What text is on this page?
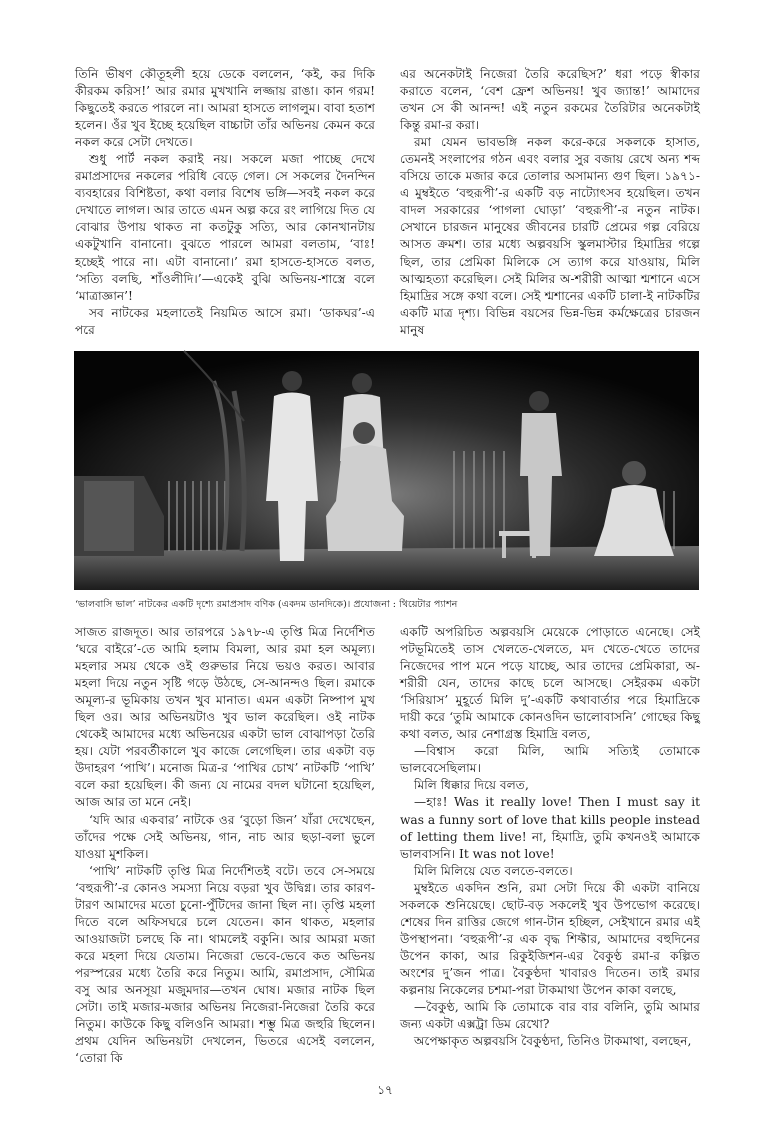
তিনি ভীষণ কৌতূহলী হয়ে ডেকে বললেন, ‘কই, কর দিকি কীরকম করিস!’ আর রমার মুখখানি লজ্জায় রাঙা। কান গরম! কিছুতেই করতে পারলে না। আমরা হাসতে লাগলুম। বাবা হতাশ হলেন। ওঁর খুব ইচ্ছে হয়েছিল বাচ্চাটা তাঁর অভিনয় কেমন করে নকল করে সেটা দেখতে।

শুধু পার্ট নকল করাই নয়। সকলে মজা পাচ্ছে দেখে রমাপ্রসাদের নকলের পরিধি বেড়ে গেল। সে সকলের দৈনন্দিন ব্যবহারের বিশিষ্টতা, কথা বলার বিশেষ ভঙ্গি—সবই নকল করে দেখাতে লাগল। আর তাতে এমন অল্প করে রং লাগিয়ে দিত যে বোঝার উপায় থাকত না কতটুকু সত্যি, আর কোনখানটায় একটুখানি বানানো। বুঝতে পারলে আমরা বলতাম, ‘বাঃ! হচ্ছেই পারে না। এটা বানানো।’ রমা হাসতে-হাসতে বলত, ‘সত্যি বলছি, শাঁওলীদি।’—একেই বুঝি অভিনয়-শাস্ত্রে বলে ‘মাত্রাজ্ঞান’!

সব নাটকের মহলাতেই নিয়মিত আসে রমা। ‘ডাকঘর’-এ পরে

এর অনেকটাই নিজেরা তৈরি করেছিস?’ ধরা পড়ে স্বীকার করাতে বলেন, ‘বেশ ফ্রেশ অভিনয়! খুব জ্যান্ত!’ আমাদের তখন সে কী আনন্দ! এই নতুন রকমের তৈরিটার অনেকটাই কিন্তু রমা-র করা।

রমা যেমন ভাবভঙ্গি নকল করে-করে সকলকে হাসাত, তেমনই সংলাপের গঠন এবং বলার সুর বজায় রেখে অন্য শব্দ বসিয়ে তাকে মজার করে তোলার অসামান্য গুণ ছিল। ১৯৭১-এ মুম্বইতে ‘বহুরূপী’-র একটি বড় নাট্যোৎসব হয়েছিল। তখন বাদল সরকারের ‘পাগলা ঘোড়া’ ‘বহুরূপী’-র নতুন নাটক। সেখানে চারজন মানুষের জীবনের চারটি প্রেমের গল্প বেরিয়ে আসত ক্রমশ। তার মধ্যে অল্পবয়সি স্কুলমাস্টার হিমাদ্রির গল্পে ছিল, তার প্রেমিকা মিলিকে সে ত্যাগ করে যাওয়ায়, মিলি আত্মহত্যা করেছিল। সেই মিলির অ-শরীরী আত্মা শ্মশানে এসে হিমাদ্রির সঙ্গে কথা বলে। সেই শ্মশানের একটি চালা-ই নাটকটির একটি মাত্র দৃশ্য। বিভিন্ন বয়সের ভিন্ন-ভিন্ন কর্মক্ষেত্রের চারজন মানুষ

‘ভালবাসি ভাল’ নাটকের একটি দৃশ্যে রমাপ্রসাদ বণিক (একদম ডানদিকে)। প্রযোজনা : থিয়েটার প্যাশন

সাজত রাজদূত। আর তারপরে ১৯৭৮-এ তৃপ্তি মিত্র নির্দেশিত ‘ঘরে বাইরে’-তে আমি হলাম বিমলা, আর রমা হল অমূল্য। মহলার সময় থেকে ওই গুরুভার নিয়ে ভয়ও করত। আবার মহলা দিয়ে নতুন সৃষ্টি গড়ে উঠছে, সে-আনন্দও ছিল। রমাকে অমূল্য-র ভূমিকায় তখন খুব মানাত। এমন একটা নিষ্পাপ মুখ ছিল ওর। আর অভিনয়টাও খুব ভাল করেছিল। ওই নাটক থেকেই আমাদের মধ্যে অভিনয়ের একটা ভাল বোঝাপড়া তৈরি হয়। যেটা পরবর্তীকালে খুব কাজে লেগেছিল। তার একটা বড় উদাহরণ ‘পাখি’। মনোজ মিত্র-র ‘পাখির চোখ’ নাটকটি ‘পাখি’ বলে করা হয়েছিল। কী জন্য যে নামের বদল ঘটানো হয়েছিল, আজ আর তা মনে নেই।

‘যদি আর একবার’ নাটকে ওর ‘বুড়ো জিন’ যাঁরা দেখেছেন, তাঁদের পক্ষে সেই অভিনয়, গান, নাচ আর ছড়া-বলা ভুলে যাওয়া মুশকিল।

‘পাখি’ নাটকটি তৃপ্তি মিত্র নির্দেশিতই বটে। তবে সে-সময়ে ‘বহুরূপী’-র কোনও সমস্যা নিয়ে বড়রা খুব উদ্বিগ্ন। তার কারণ-টারণ আমাদের মতো চুনো-পুঁটিদের জানা ছিল না। তৃপ্তি মহলা দিতে বলে অফিসঘরে চলে যেতেন। কান থাকত, মহলার আওয়াজটা চলছে কি না। থামলেই বকুনি। আর আমরা মজা করে মহলা দিয়ে যেতাম। নিজেরা ভেবে-ভেবে কত অভিনয় পরস্পরের মধ্যে তৈরি করে নিতুম। আমি, রমাপ্রসাদ, সৌমিত্র বসু আর অনসূয়া মজুমদার—তখন ঘোষ। মজার নাটক ছিল সেটা। তাই মজার-মজার অভিনয় নিজেরা-নিজেরা তৈরি করে নিতুম। কাউকে কিছু বলিওনি আমরা। শম্ভু মিত্র জহুরি ছিলেন। প্রথম যেদিন অভিনয়টা দেখলেন, ভিতরে এসেই বললেন, ‘তোরা কি

একটি অপরিচিত অল্পবয়সি মেয়েকে পোড়াতে এনেছে। সেই পটভূমিতেই তাস খেলতে-খেলতে, মদ খেতে-খেতে তাদের নিজেদের পাপ মনে পড়ে যাচ্ছে, আর তাদের প্রেমিকারা, অ-শরীরী যেন, তাদের কাছে চলে আসছে। সেইরকম একটা ‘সিরিয়াস’ মুহূর্তে মিলি দু’-একটি কথাবার্তার পরে হিমাদ্রিকে দায়ী করে ‘তুমি আমাকে কোনওদিন ভালোবাসনি’ গোছের কিছু কথা বলত, আর নেশাগ্রস্ত হিমাদ্রি বলত,

—বিশ্বাস করো মিলি, আমি সত্যিই তোমাকে ভালবেসেছিলাম।

মিলি ধিক্কার দিয়ে বলত,

—হাঃ! Was it really love! Then I must say it was a funny sort of love that kills people instead of letting them live! না, হিমাদ্রি, তুমি কখনওই আমাকে ভালবাসনি। It was not love!

মিলি মিলিয়ে যেত বলতে-বলতে।

মুম্বইতে একদিন শুনি, রমা সেটা দিয়ে কী একটা বানিয়ে সকলকে শুনিয়েছে। ছোট-বড় সকলেই খুব উপভোগ করেছে। শেষের দিন রাত্তির জেগে গান-টান হচ্ছিল, সেইখানে রমার এই উপস্থাপনা। ‘বহুরূপী’-র এক বৃদ্ধ শিফ্টার, আমাদের বহুদিনের উপেন কাকা, আর রিকুইজিশন-এর বৈকুণ্ঠ রমা-র কল্পিত অংশের দু’জন পাত্র। বৈকুণ্ঠদা খাবারও দিতেন। তাই রমার কল্পনায় নিকেলের চশমা-পরা টাকমাথা উপেন কাকা বলছে,

—বৈকুণ্ঠ, আমি কি তোমাকে বার বার বলিনি, তুমি আমার জন্য একটা এক্সট্রা ডিম রেখো?

অপেক্ষাকৃত অল্পবয়সি বৈকুণ্ঠদা, তিনিও টাকমাথা, বলছেন,

১৭
